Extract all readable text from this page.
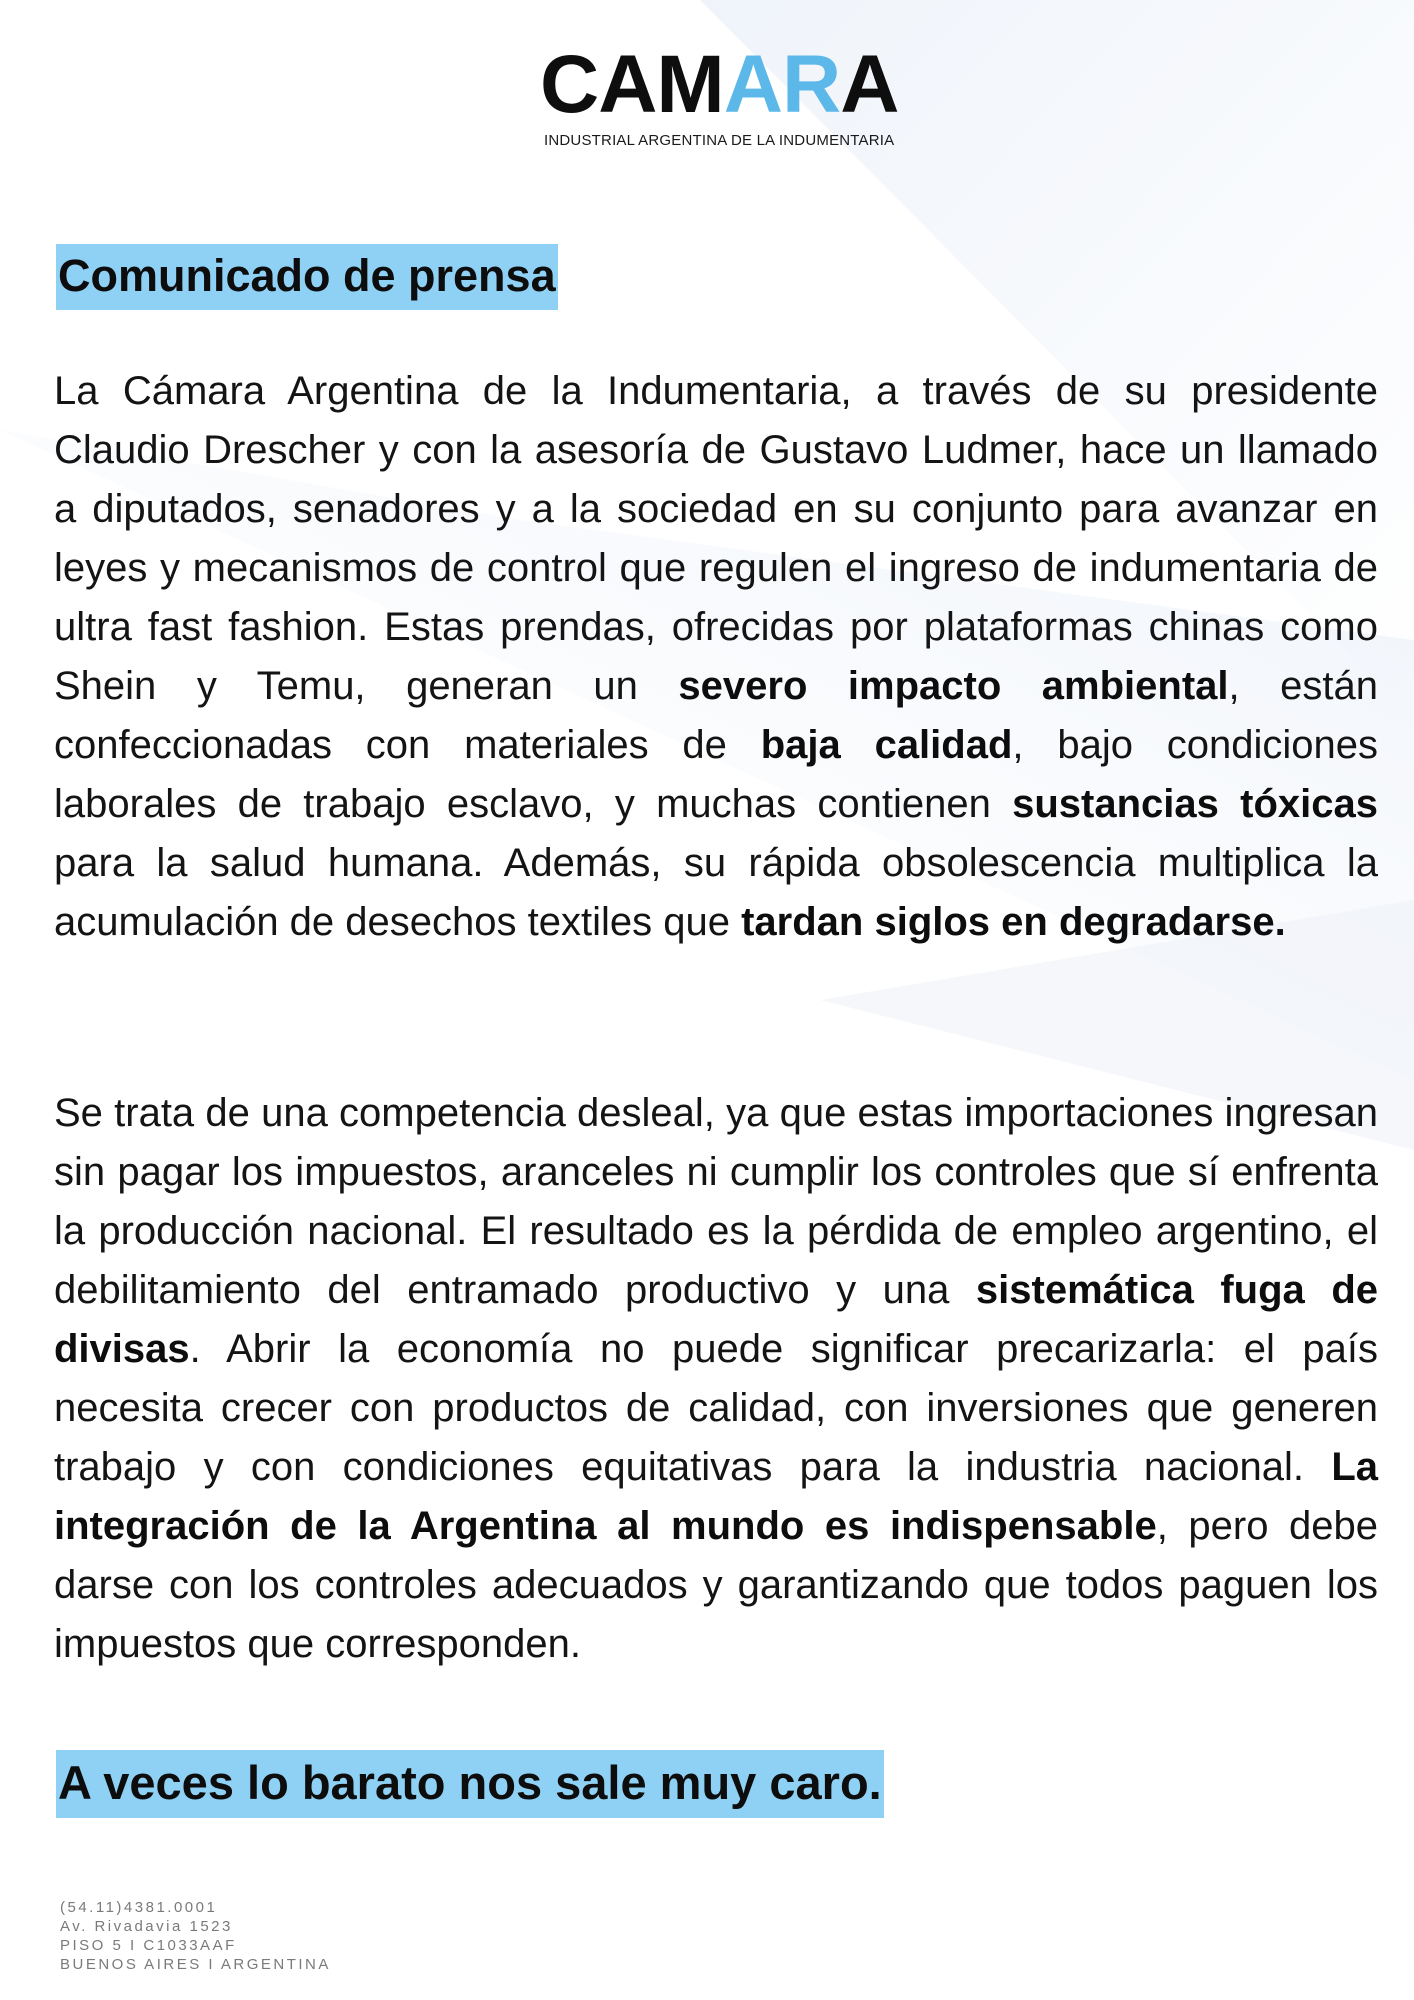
CAMARA
INDUSTRIAL ARGENTINA DE LA INDUMENTARIA
Comunicado de prensa
La Cámara Argentina de la Indumentaria, a través de su presidente Claudio Drescher y con la asesoría de Gustavo Ludmer, hace un llamado a diputados, senadores y a la sociedad en su conjunto para avanzar en leyes y mecanismos de control que regulen el ingreso de indumentaria de ultra fast fashion. Estas prendas, ofrecidas por plataformas chinas como Shein y Temu, generan un severo impacto ambiental, están confeccionadas con materiales de baja calidad, bajo condiciones laborales de trabajo esclavo, y muchas contienen sustancias tóxicas para la salud humana. Además, su rápida obsolescencia multiplica la acumulación de desechos textiles que tardan siglos en degradarse.
Se trata de una competencia desleal, ya que estas importaciones ingresan sin pagar los impuestos, aranceles ni cumplir los controles que sí enfrenta la producción nacional. El resultado es la pérdida de empleo argentino, el debilitamiento del entramado productivo y una sistemática fuga de divisas. Abrir la economía no puede significar precarizarla: el país necesita crecer con productos de calidad, con inversiones que generen trabajo y con condiciones equitativas para la industria nacional. La integración de la Argentina al mundo es indispensable, pero debe darse con los controles adecuados y garantizando que todos paguen los impuestos que corresponden.
A veces lo barato nos sale muy caro.
(54.11)4381.0001
Av. Rivadavia 1523
PISO 5 I C1033AAF
BUENOS AIRES I ARGENTINA
